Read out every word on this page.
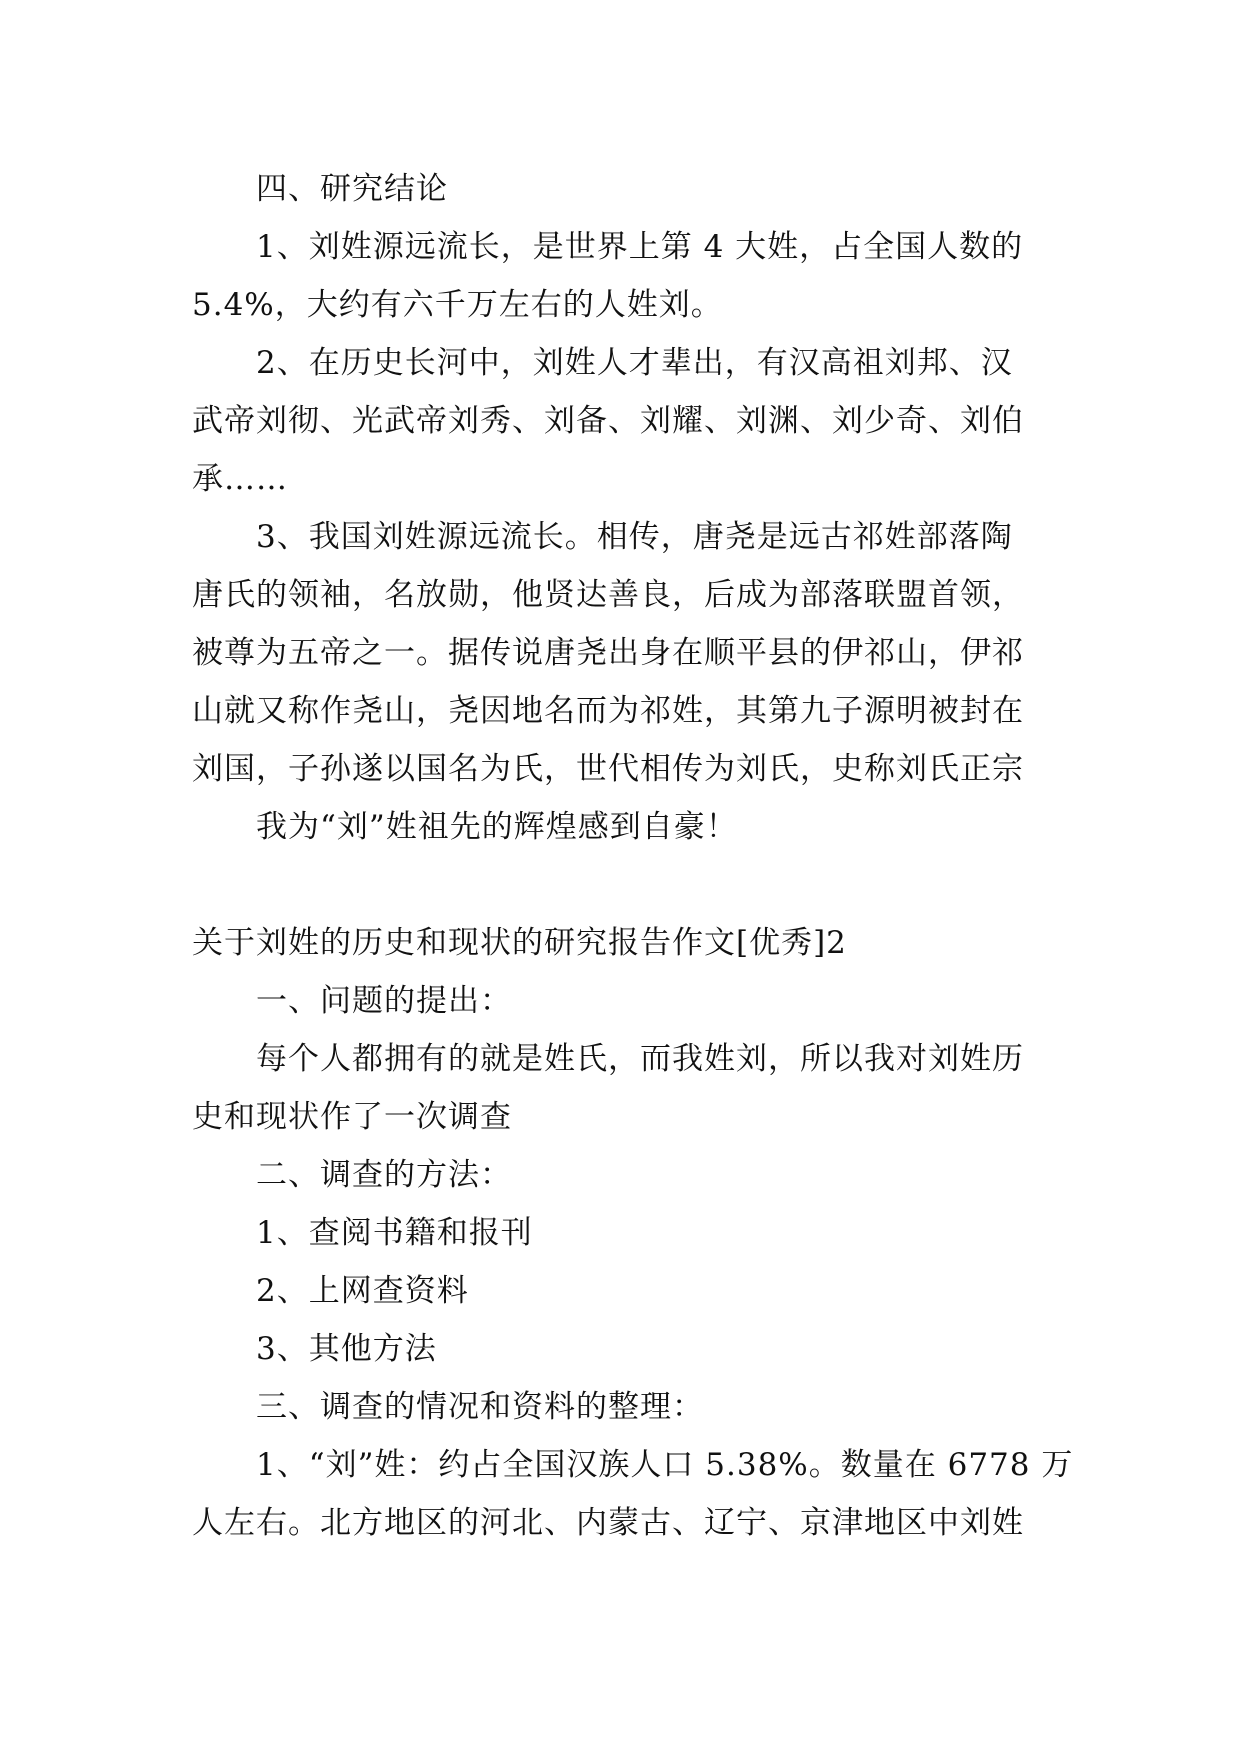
四、研究结论

1、刘姓源远流长，是世界上第 4 大姓，占全国人数的

5.4%，大约有六千万左右的人姓刘。

2、在历史长河中，刘姓人才辈出，有汉高祖刘邦、汉

武帝刘彻、光武帝刘秀、刘备、刘耀、刘渊、刘少奇、刘伯

承……

3、我国刘姓源远流长。相传，唐尧是远古祁姓部落陶

唐氏的领袖，名放勋，他贤达善良，后成为部落联盟首领，

被尊为五帝之一。据传说唐尧出身在顺平县的伊祁山，伊祁

山就又称作尧山，尧因地名而为祁姓，其第九子源明被封在

刘国，子孙遂以国名为氏，世代相传为刘氏，史称刘氏正宗

我为“刘”姓祖先的辉煌感到自豪！

关于刘姓的历史和现状的研究报告作文[优秀]2

一、问题的提出：

每个人都拥有的就是姓氏，而我姓刘，所以我对刘姓历

史和现状作了一次调查

二、调查的方法：

1、查阅书籍和报刊

2、上网查资料

3、其他方法

三、调查的情况和资料的整理：

1、“刘”姓：约占全国汉族人口 5.38%。数量在 6778 万

人左右。北方地区的河北、内蒙古、辽宁、京津地区中刘姓
